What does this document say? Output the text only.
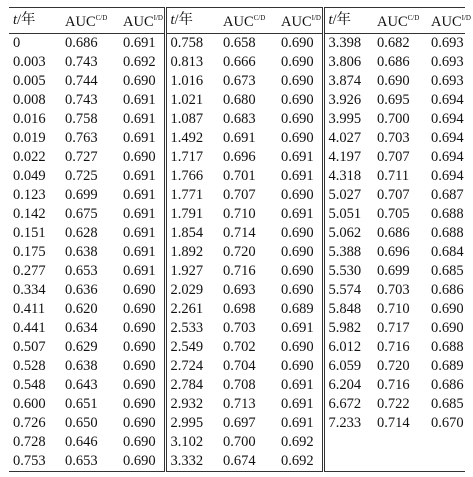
t/年	$AUC^{C/D}$	$AUC^{I/D}$	t/年	$AUC^{C/D}$	$AUC^{I/D}$	t/年	$AUC^{C/D}$	$AUC^{I/D}$
0	0.686	0.691	0.758	0.658	0.690	3.398	0.682	0.693
0.003	0.743	0.692	0.813	0.666	0.690	3.806	0.686	0.693
0.005	0.744	0.690	1.016	0.673	0.690	3.874	0.690	0.693
0.008	0.743	0.691	1.021	0.680	0.690	3.926	0.695	0.694
0.016	0.758	0.691	1.087	0.683	0.690	3.995	0.700	0.694
0.019	0.763	0.691	1.492	0.691	0.690	4.027	0.703	0.694
0.022	0.727	0.690	1.717	0.696	0.691	4.197	0.707	0.694
0.049	0.725	0.691	1.766	0.701	0.691	4.318	0.711	0.694
0.123	0.699	0.691	1.771	0.707	0.690	5.027	0.707	0.687
0.142	0.675	0.691	1.791	0.710	0.691	5.051	0.705	0.688
0.151	0.628	0.691	1.854	0.714	0.690	5.062	0.686	0.688
0.175	0.638	0.691	1.892	0.720	0.690	5.388	0.696	0.684
0.277	0.653	0.691	1.927	0.716	0.690	5.530	0.699	0.685
0.334	0.636	0.690	2.029	0.693	0.690	5.574	0.703	0.686
0.411	0.620	0.690	2.261	0.698	0.689	5.848	0.710	0.690
0.441	0.634	0.690	2.533	0.703	0.691	5.982	0.717	0.690
0.507	0.629	0.690	2.549	0.702	0.690	6.012	0.716	0.688
0.528	0.638	0.690	2.724	0.704	0.690	6.059	0.720	0.689
0.548	0.643	0.690	2.784	0.708	0.691	6.204	0.716	0.686
0.600	0.651	0.690	2.932	0.713	0.691	6.672	0.722	0.685
0.726	0.650	0.690	2.995	0.697	0.691	7.233	0.714	0.670
0.728	0.646	0.690	3.102	0.700	0.692			
0.753	0.653	0.690	3.332	0.674	0.692			
